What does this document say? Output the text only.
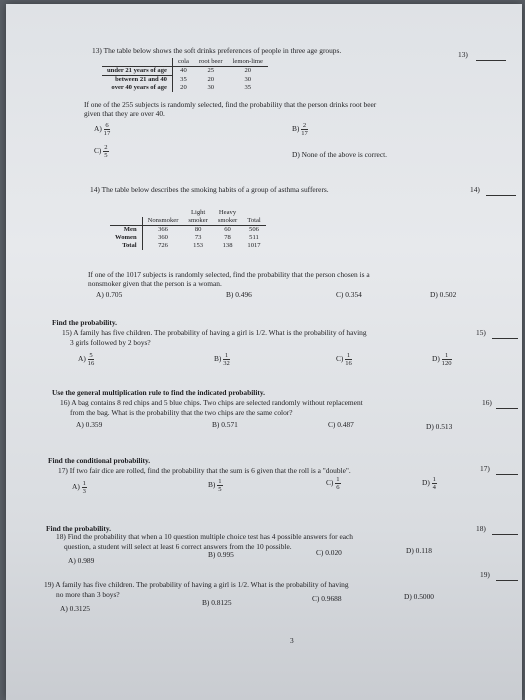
13) The table below shows the soft drinks preferences of people in three age groups.	13)
	cola	root beer	lemon-lime
under 21 years of age	40	25	20
between 21 and 40	35	20	30
over 40 years of age	20	30	35
If one of the 255 subjects is randomly selected, find the probability that the person drinks root beer
given that they are over 40.
$A) \frac{6}{17}$	$B) \frac{2}{17}$
$C) \frac{2}{5}$	D) None of the above is correct.
14) The table below describes the smoking habits of a group of asthma sufferers.	14)
		Light	Heavy	
	Nonsmoker	smoker	smoker	Total
Men	366	80	60	506
Women	360	73	78	511
Total	726	153	138	1017
If one of the 1017 subjects is randomly selected, find the probability that the person chosen is a
nonsmoker given that the person is a woman.
A) 0.705	B) 0.496	C) 0.354	D) 0.502
Find the probability.
15) A family has five children. The probability of having a girl is 1/2. What is the probability of having	15)
3 girls followed by 2 boys?
$A) \frac{5}{16}$	$B) \frac{1}{32}$	$C) \frac{1}{16}$	$D) \frac{1}{120}$
Use the general multiplication rule to find the indicated probability.
16) A bag contains 8 red chips and 5 blue chips. Two chips are selected randomly without replacement	16)
from the bag. What is the probability that the two chips are the same color?
A) 0.359	B) 0.571	C) 0.487	D) 0.513
Find the conditional probability.
17) If two fair dice are rolled, find the probability that the sum is 6 given that the roll is a "double".	17)
$A) \frac{1}{3}$	$B) \frac{1}{5}$	$C) \frac{1}{6}$	$D) \frac{1}{4}$
Find the probability.
18) Find the probability that when a 10 question multiple choice test has 4 possible answers for each
18)
question, a student will select at least 6 correct answers from the 10 possible.
A) 0.989
B) 0.995	C) 0.020	D) 0.118
19) A family has five children. The probability of having a girl is 1/2. What is the probability of having
19)
no more than 3 boys?
A) 0.3125
B) 0.8125	C) 0.9688	D) 0.5000
3
